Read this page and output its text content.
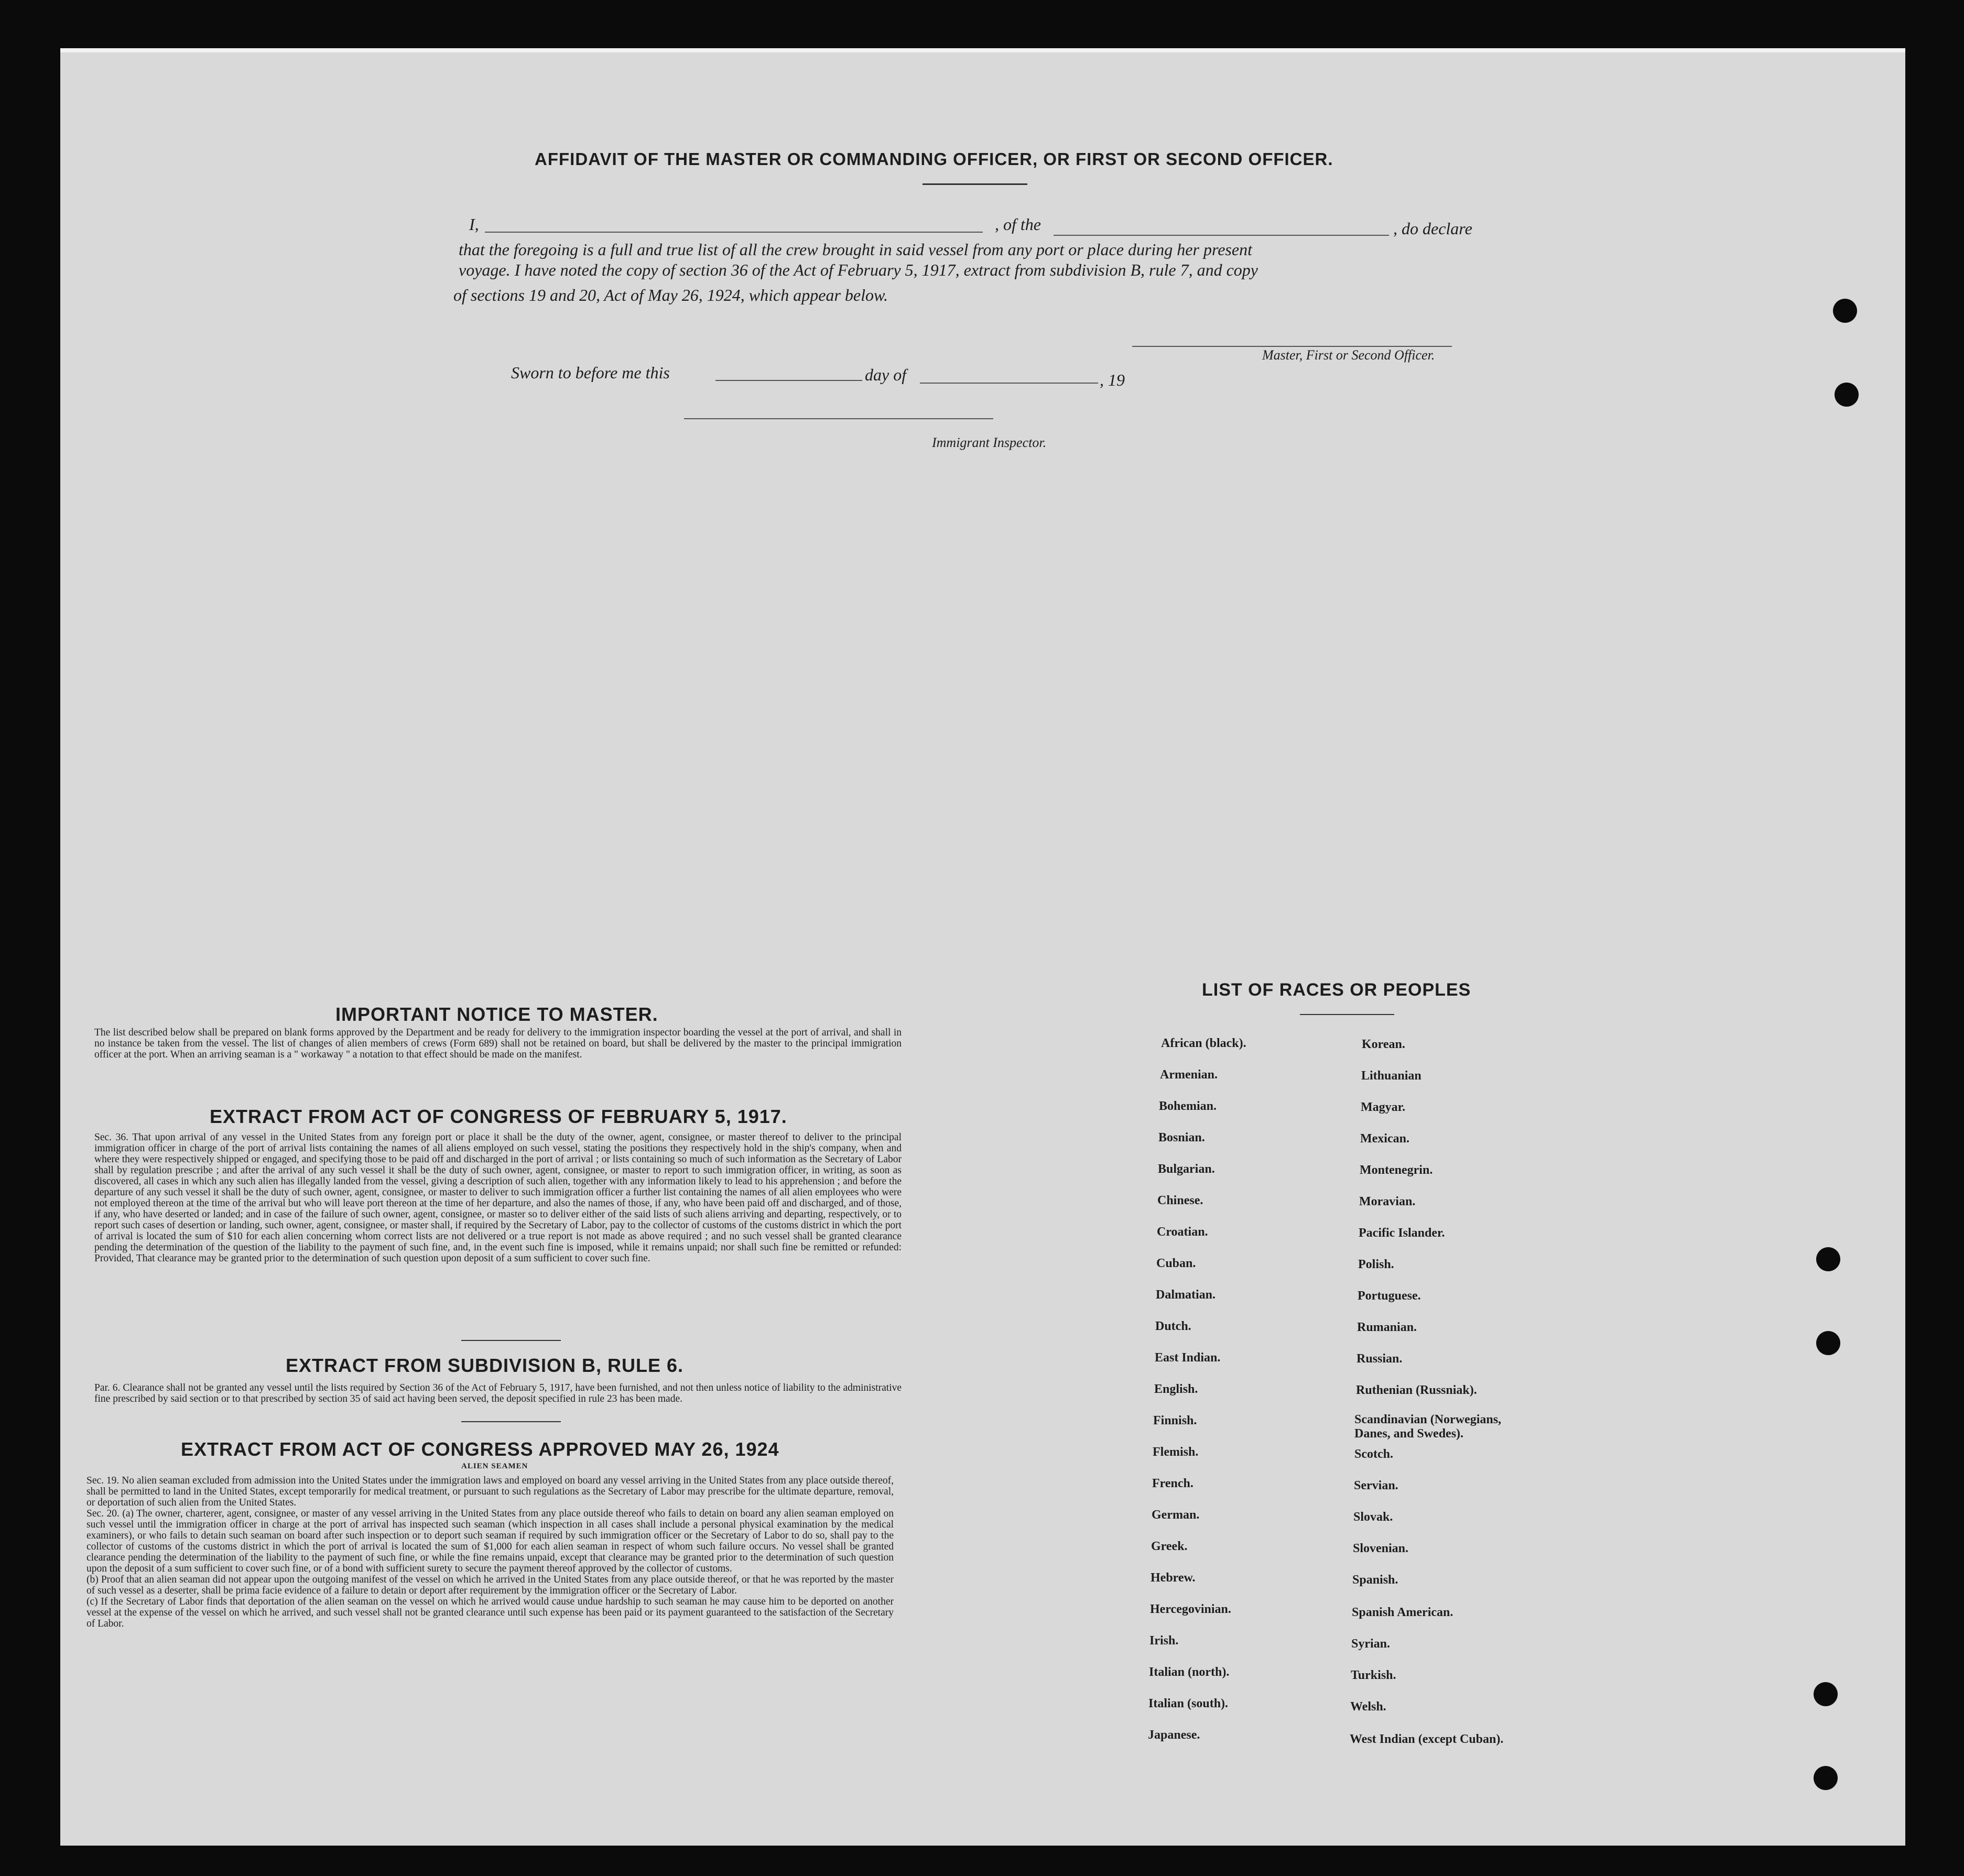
AFFIDAVIT OF THE MASTER OR COMMANDING OFFICER, OR FIRST OR SECOND OFFICER.
I,	, of the	, do declare
that the foregoing is a full and true list of all the crew brought in said vessel from any port or place during her present
voyage. I have noted the copy of section 36 of the Act of February 5, 1917, extract from subdivision B, rule 7, and copy
of sections 19 and 20, Act of May 26, 1924, which appear below.
Master, First or Second Officer.
Sworn to before me this	day of	, 19
Immigrant Inspector.
IMPORTANT NOTICE TO MASTER.
The list described below shall be prepared on blank forms approved by the Department and be ready for delivery to the immigration inspector boarding the vessel at the port of arrival, and shall in no instance be taken from the vessel. The list of changes of alien members of crews (Form 689) shall not be retained on board, but shall be delivered by the master to the principal immigration officer at the port. When an arriving seaman is a " workaway " a notation to that effect should be made on the manifest.
EXTRACT FROM ACT OF CONGRESS OF FEBRUARY 5, 1917.
Sec. 36. That upon arrival of any vessel in the United States from any foreign port or place it shall be the duty of the owner, agent, consignee, or master thereof to deliver to the principal immigration officer in charge of the port of arrival lists containing the names of all aliens employed on such vessel, stating the positions they respectively hold in the ship's company, when and where they were respectively shipped or engaged, and specifying those to be paid off and discharged in the port of arrival ; or lists containing so much of such information as the Secretary of Labor shall by regulation prescribe ; and after the arrival of any such vessel it shall be the duty of such owner, agent, consignee, or master to report to such immigration officer, in writing, as soon as discovered, all cases in which any such alien has illegally landed from the vessel, giving a description of such alien, together with any information likely to lead to his apprehension ; and before the departure of any such vessel it shall be the duty of such owner, agent, consignee, or master to deliver to such immigration officer a further list containing the names of all alien employees who were not employed thereon at the time of the arrival but who will leave port thereon at the time of her departure, and also the names of those, if any, who have been paid off and discharged, and of those, if any, who have deserted or landed; and in case of the failure of such owner, agent, consignee, or master so to deliver either of the said lists of such aliens arriving and departing, respectively, or to report such cases of desertion or landing, such owner, agent, consignee, or master shall, if required by the Secretary of Labor, pay to the collector of customs of the customs district in which the port of arrival is located the sum of $10 for each alien concerning whom correct lists are not delivered or a true report is not made as above required ; and no such vessel shall be granted clearance pending the determination of the question of the liability to the payment of such fine, and, in the event such fine is imposed, while it remains unpaid; nor shall such fine be remitted or refunded: Provided, That clearance may be granted prior to the determination of such question upon deposit of a sum sufficient to cover such fine.
EXTRACT FROM SUBDIVISION B, RULE 6.
Par. 6. Clearance shall not be granted any vessel until the lists required by Section 36 of the Act of February 5, 1917, have been furnished, and not then unless notice of liability to the administrative fine prescribed by said section or to that prescribed by section 35 of said act having been served, the deposit specified in rule 23 has been made.
EXTRACT FROM ACT OF CONGRESS APPROVED MAY 26, 1924
ALIEN SEAMEN
Sec. 19. No alien seaman excluded from admission into the United States under the immigration laws and employed on board any vessel arriving in the United States from any place outside thereof, shall be permitted to land in the United States, except temporarily for medical treatment, or pursuant to such regulations as the Secretary of Labor may prescribe for the ultimate departure, removal, or deportation of such alien from the United States.
Sec. 20. (a) The owner, charterer, agent, consignee, or master of any vessel arriving in the United States from any place outside thereof who fails to detain on board any alien seaman employed on such vessel until the immigration officer in charge at the port of arrival has inspected such seaman (which inspection in all cases shall include a personal physical examination by the medical examiners), or who fails to detain such seaman on board after such inspection or to deport such seaman if required by such immigration officer or the Secretary of Labor to do so, shall pay to the collector of customs of the customs district in which the port of arrival is located the sum of $1,000 for each alien seaman in respect of whom such failure occurs. No vessel shall be granted clearance pending the determination of the liability to the payment of such fine, or while the fine remains unpaid, except that clearance may be granted prior to the determination of such question upon the deposit of a sum sufficient to cover such fine, or of a bond with sufficient surety to secure the payment thereof approved by the collector of customs.
(b) Proof that an alien seaman did not appear upon the outgoing manifest of the vessel on which he arrived in the United States from any place outside thereof, or that he was reported by the master of such vessel as a deserter, shall be prima facie evidence of a failure to detain or deport after requirement by the immigration officer or the Secretary of Labor.
(c) If the Secretary of Labor finds that deportation of the alien seaman on the vessel on which he arrived would cause undue hardship to such seaman he may cause him to be deported on another vessel at the expense of the vessel on which he arrived, and such vessel shall not be granted clearance until such expense has been paid or its payment guaranteed to the satisfaction of the Secretary of Labor.
LIST OF RACES OR PEOPLES
African (black).
Armenian.
Bohemian.
Bosnian.
Bulgarian.
Chinese.
Croatian.
Cuban.
Dalmatian.
Dutch.
East Indian.
English.
Finnish.
Flemish.
French.
German.
Greek.
Hebrew.
Hercegovinian.
Irish.
Italian (north).
Italian (south).
Japanese.
Korean.
Lithuanian
Magyar.
Mexican.
Montenegrin.
Moravian.
Pacific Islander.
Polish.
Portuguese.
Rumanian.
Russian.
Ruthenian (Russniak).
Scandinavian (Norwegians, Danes, and Swedes).
Scotch.
Servian.
Slovak.
Slovenian.
Spanish.
Spanish American.
Syrian.
Turkish.
Welsh.
West Indian (except Cuban).
